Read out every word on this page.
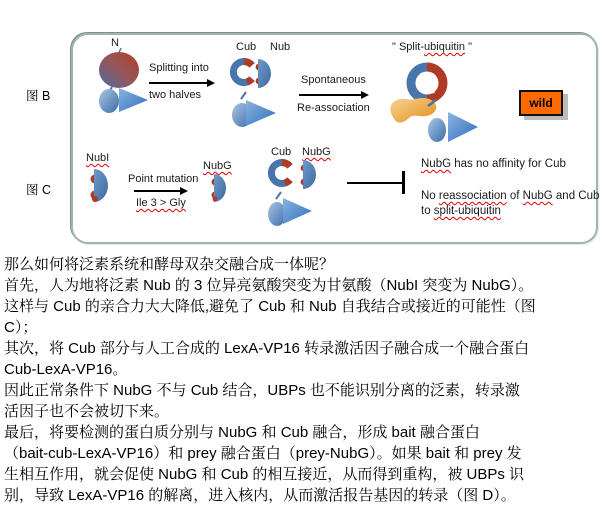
图 B
图 C
N
Splitting into
two halves
Cub Nub
Spontaneous
Re-association
" Split-ubiquitin "
wild
NubI
Point mutation
Ile 3 > Gly
NubG
Cub NubG
NubG has no affinity for Cub
No reassociation of NubG and Cub
to split-ubiquitin
那么如何将泛素系统和酵母双杂交融合成一体呢？
首先，人为地将泛素 Nub 的 3 位异亮氨酸突变为甘氨酸（NubI 突变为 NubG）。
这样与 Cub 的亲合力大大降低,避免了 Cub 和 Nub 自我结合或接近的可能性（图
C）；
其次，将 Cub 部分与人工合成的 LexA-VP16 转录激活因子融合成一个融合蛋白
Cub-LexA-VP16。
因此正常条件下 NubG 不与 Cub 结合，UBPs 也不能识别分离的泛素，转录激
活因子也不会被切下来。
最后，将要检测的蛋白质分别与 NubG 和 Cub 融合，形成 bait 融合蛋白
（bait-cub-LexA-VP16）和 prey 融合蛋白（prey-NubG）。如果 bait 和 prey 发
生相互作用，就会促使 NubG 和 Cub 的相互接近，从而得到重构，被 UBPs 识
别，导致 LexA-VP16 的解离，进入核内，从而激活报告基因的转录（图 D）。
